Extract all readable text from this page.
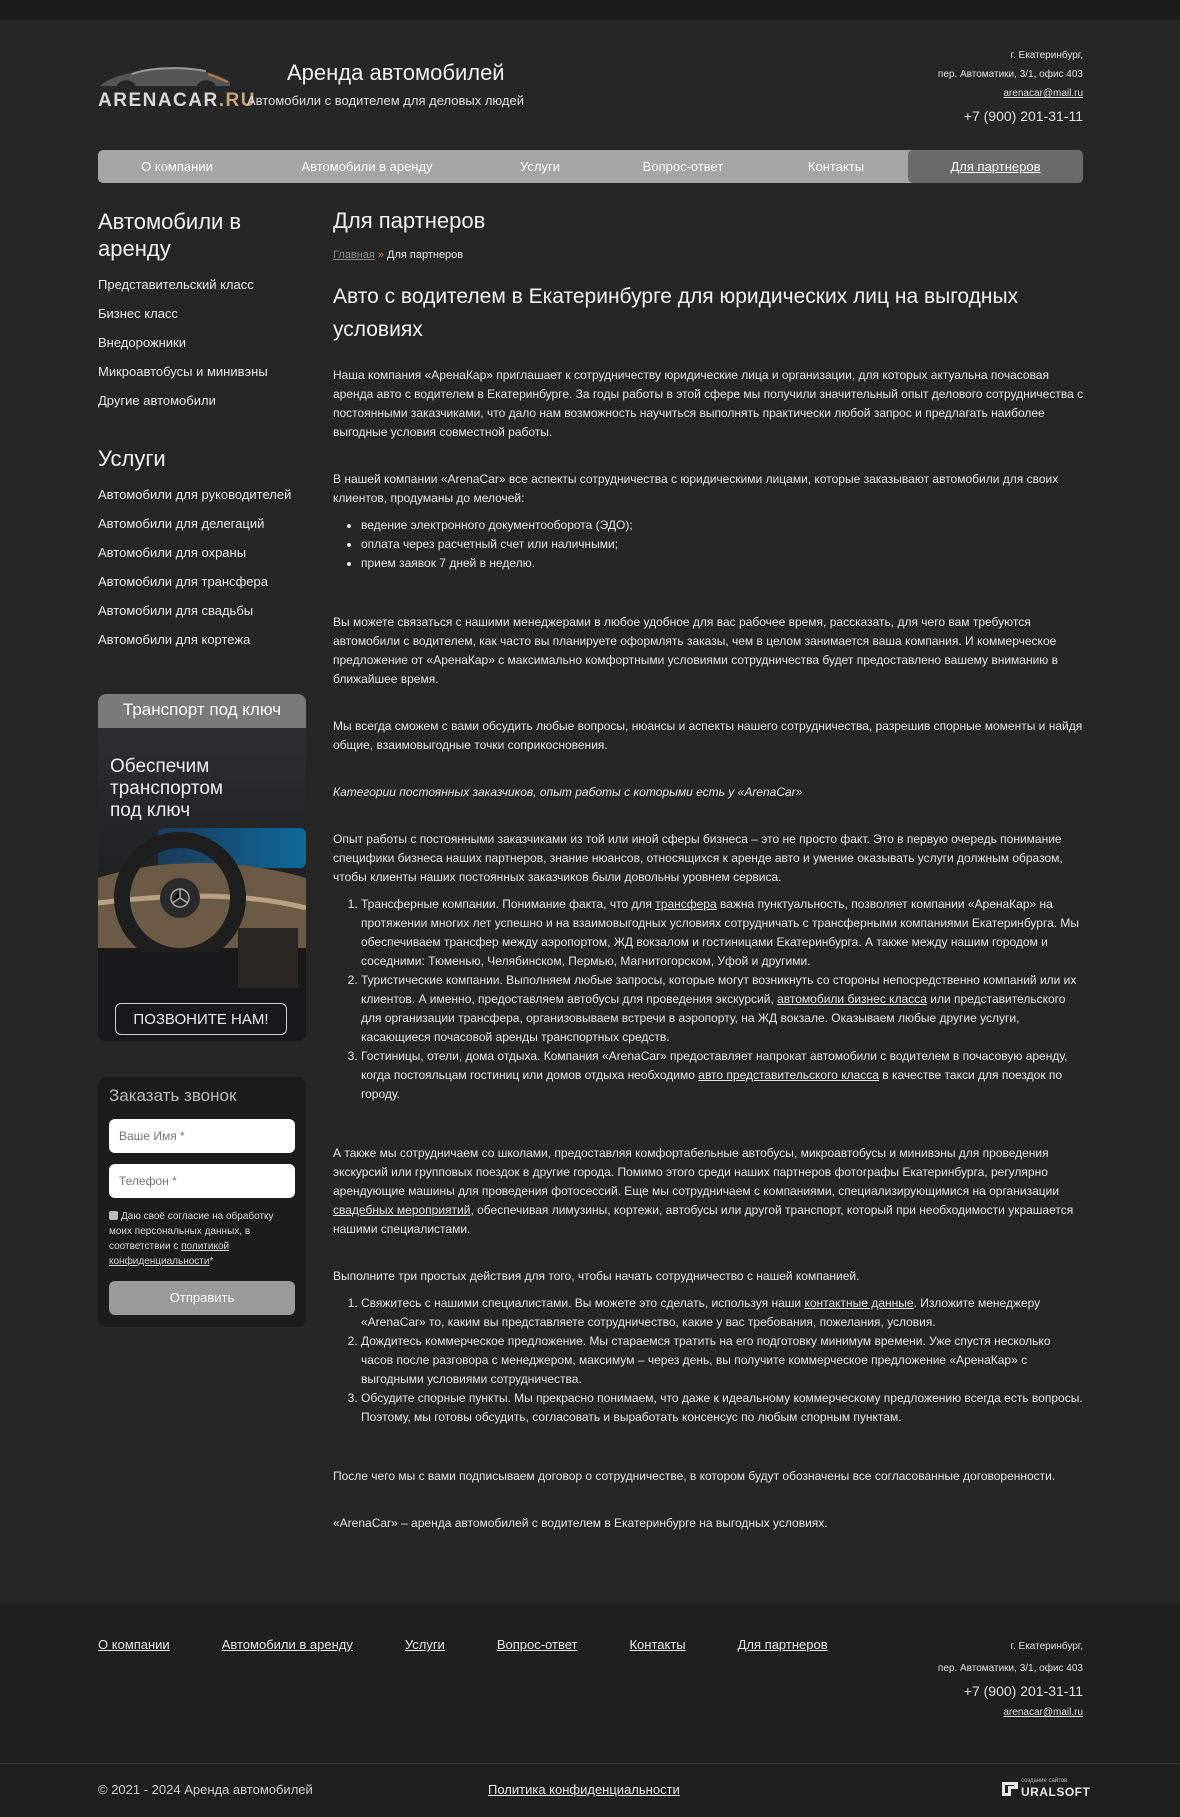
ARENACAR.RU
Аренда автомобилей
Автомобили с водителем для деловых людей
г. Екатеринбург,
пер. Автоматики, 3/1, офис 403
arenacar@mail.ru
+7 (900) 201-31-11
О компании	Автомобили в аренду	Услуги	Вопрос-ответ	Контакты	Для партнеров
Автомобили в аренду
Представительский класс
Бизнес класс
Внедорожники
Микроавтобусы и минивэны
Другие автомобили
Услуги
Автомобили для руководителей
Автомобили для делегаций
Автомобили для охраны
Автомобили для трансфера
Автомобили для свадьбы
Автомобили для кортежа
Транспорт под ключ
Обеспечим
транспортом
под ключ
ПОЗВОНИТЕ НАМ!
Заказать звонок
Ваше Имя *
Телефон *
Даю своё согласие на обработку моих персональных данных, в соответствии с политикой конфиденциальности*
Отправить
Для партнеров
Главная » Для партнеров
Авто с водителем в Екатеринбурге для юридических лиц на выгодных условиях

Наша компания «АренаКар» приглашает к сотрудничеству юридические лица и организации, для которых актуальна почасовая аренда авто с водителем в Екатеринбурге. За годы работы в этой сфере мы получили значительный опыт делового сотрудничества с постоянными заказчиками, что дало нам возможность научиться выполнять практически любой запрос и предлагать наиболее выгодные условия совместной работы.

В нашей компании «ArenaCar» все аспекты сотрудничества с юридическими лицами, которые заказывают автомобили для своих клиентов, продуманы до мелочей:

• ведение электронного документооборота (ЭДО);
• оплата через расчетный счет или наличными;
• прием заявок 7 дней в неделю.

Вы можете связаться с нашими менеджерами в любое удобное для вас рабочее время, рассказать, для чего вам требуются автомобили с водителем, как часто вы планируете оформлять заказы, чем в целом занимается ваша компания. И коммерческое предложение от «АренаКар» с максимально комфортными условиями сотрудничества будет предоставлено вашему вниманию в ближайшее время.

Мы всегда сможем с вами обсудить любые вопросы, нюансы и аспекты нашего сотрудничества, разрешив спорные моменты и найдя общие, взаимовыгодные точки соприкосновения.

Категории постоянных заказчиков, опыт работы с которыми есть у «ArenaCar»

Опыт работы с постоянными заказчиками из той или иной сферы бизнеса – это не просто факт. Это в первую очередь понимание специфики бизнеса наших партнеров, знание нюансов, относящихся к аренде авто и умение оказывать услуги должным образом, чтобы клиенты наших постоянных заказчиков были довольны уровнем сервиса.

1. Трансферные компании. Понимание факта, что для трансфера важна пунктуальность, позволяет компании «АренаКар» на протяжении многих лет успешно и на взаимовыгодных условиях сотрудничать с трансферными компаниями Екатеринбурга. Мы обеспечиваем трансфер между аэропортом, ЖД вокзалом и гостиницами Екатеринбурга. А также между нашим городом и соседними: Тюменью, Челябинском, Пермью, Магнитогорском, Уфой и другими.
2. Туристические компании. Выполняем любые запросы, которые могут возникнуть со стороны непосредственно компаний или их клиентов. А именно, предоставляем автобусы для проведения экскурсий, автомобили бизнес класса или представительского для организации трансфера, организовываем встречи в аэропорту, на ЖД вокзале. Оказываем любые другие услуги, касающиеся почасовой аренды транспортных средств.
3. Гостиницы, отели, дома отдыха. Компания «ArenaCar» предоставляет напрокат автомобили с водителем в почасовую аренду, когда постояльцам гостиниц или домов отдыха необходимо авто представительского класса в качестве такси для поездок по городу.

А также мы сотрудничаем со школами, предоставляя комфортабельные автобусы, микроавтобусы и минивэны для проведения экскурсий или групповых поездок в другие города. Помимо этого среди наших партнеров фотографы Екатеринбурга, регулярно арендующие машины для проведения фотосессий. Еще мы сотрудничаем с компаниями, специализирующимися на организации свадебных мероприятий, обеспечивая лимузины, кортежи, автобусы или другой транспорт, который при необходимости украшается нашими специалистами.

Выполните три простых действия для того, чтобы начать сотрудничество с нашей компанией.

1. Свяжитесь с нашими специалистами. Вы можете это сделать, используя наши контактные данные. Изложите менеджеру «ArenaCar» то, каким вы представляете сотрудничество, какие у вас требования, пожелания, условия.
2. Дождитесь коммерческое предложение. Мы стараемся тратить на его подготовку минимум времени. Уже спустя несколько часов после разговора с менеджером, максимум – через день, вы получите коммерческое предложение «АренаКар» с выгодными условиями сотрудничества.
3. Обсудите спорные пункты. Мы прекрасно понимаем, что даже к идеальному коммерческому предложению всегда есть вопросы. Поэтому, мы готовы обсудить, согласовать и выработать консенсус по любым спорным пунктам.

После чего мы с вами подписываем договор о сотрудничестве, в котором будут обозначены все согласованные договоренности.

«ArenaCar» – аренда автомобилей с водителем в Екатеринбурге на выгодных условиях.

О компании	Автомобили в аренду	Услуги	Вопрос-ответ	Контакты	Для партнеров	г. Екатеринбург,
пер. Автоматики, 3/1, офис 403
+7 (900) 201-31-11
arenacar@mail.ru
© 2021 - 2024 Аренда автомобилей	Политика конфиденциальности
создание сайтов
URALSOFT
